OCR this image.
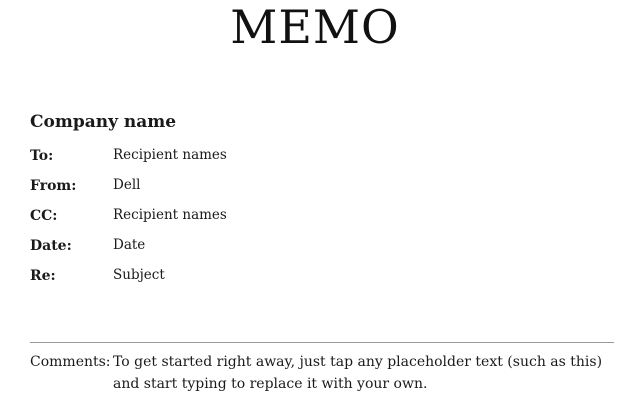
MEMO
Company name
To:	Recipient names
From:	Dell
CC:	Recipient names
Date:	Date
Re:	Subject
Comments: To get started right away, just tap any placeholder text (such as this) and start typing to replace it with your own.
